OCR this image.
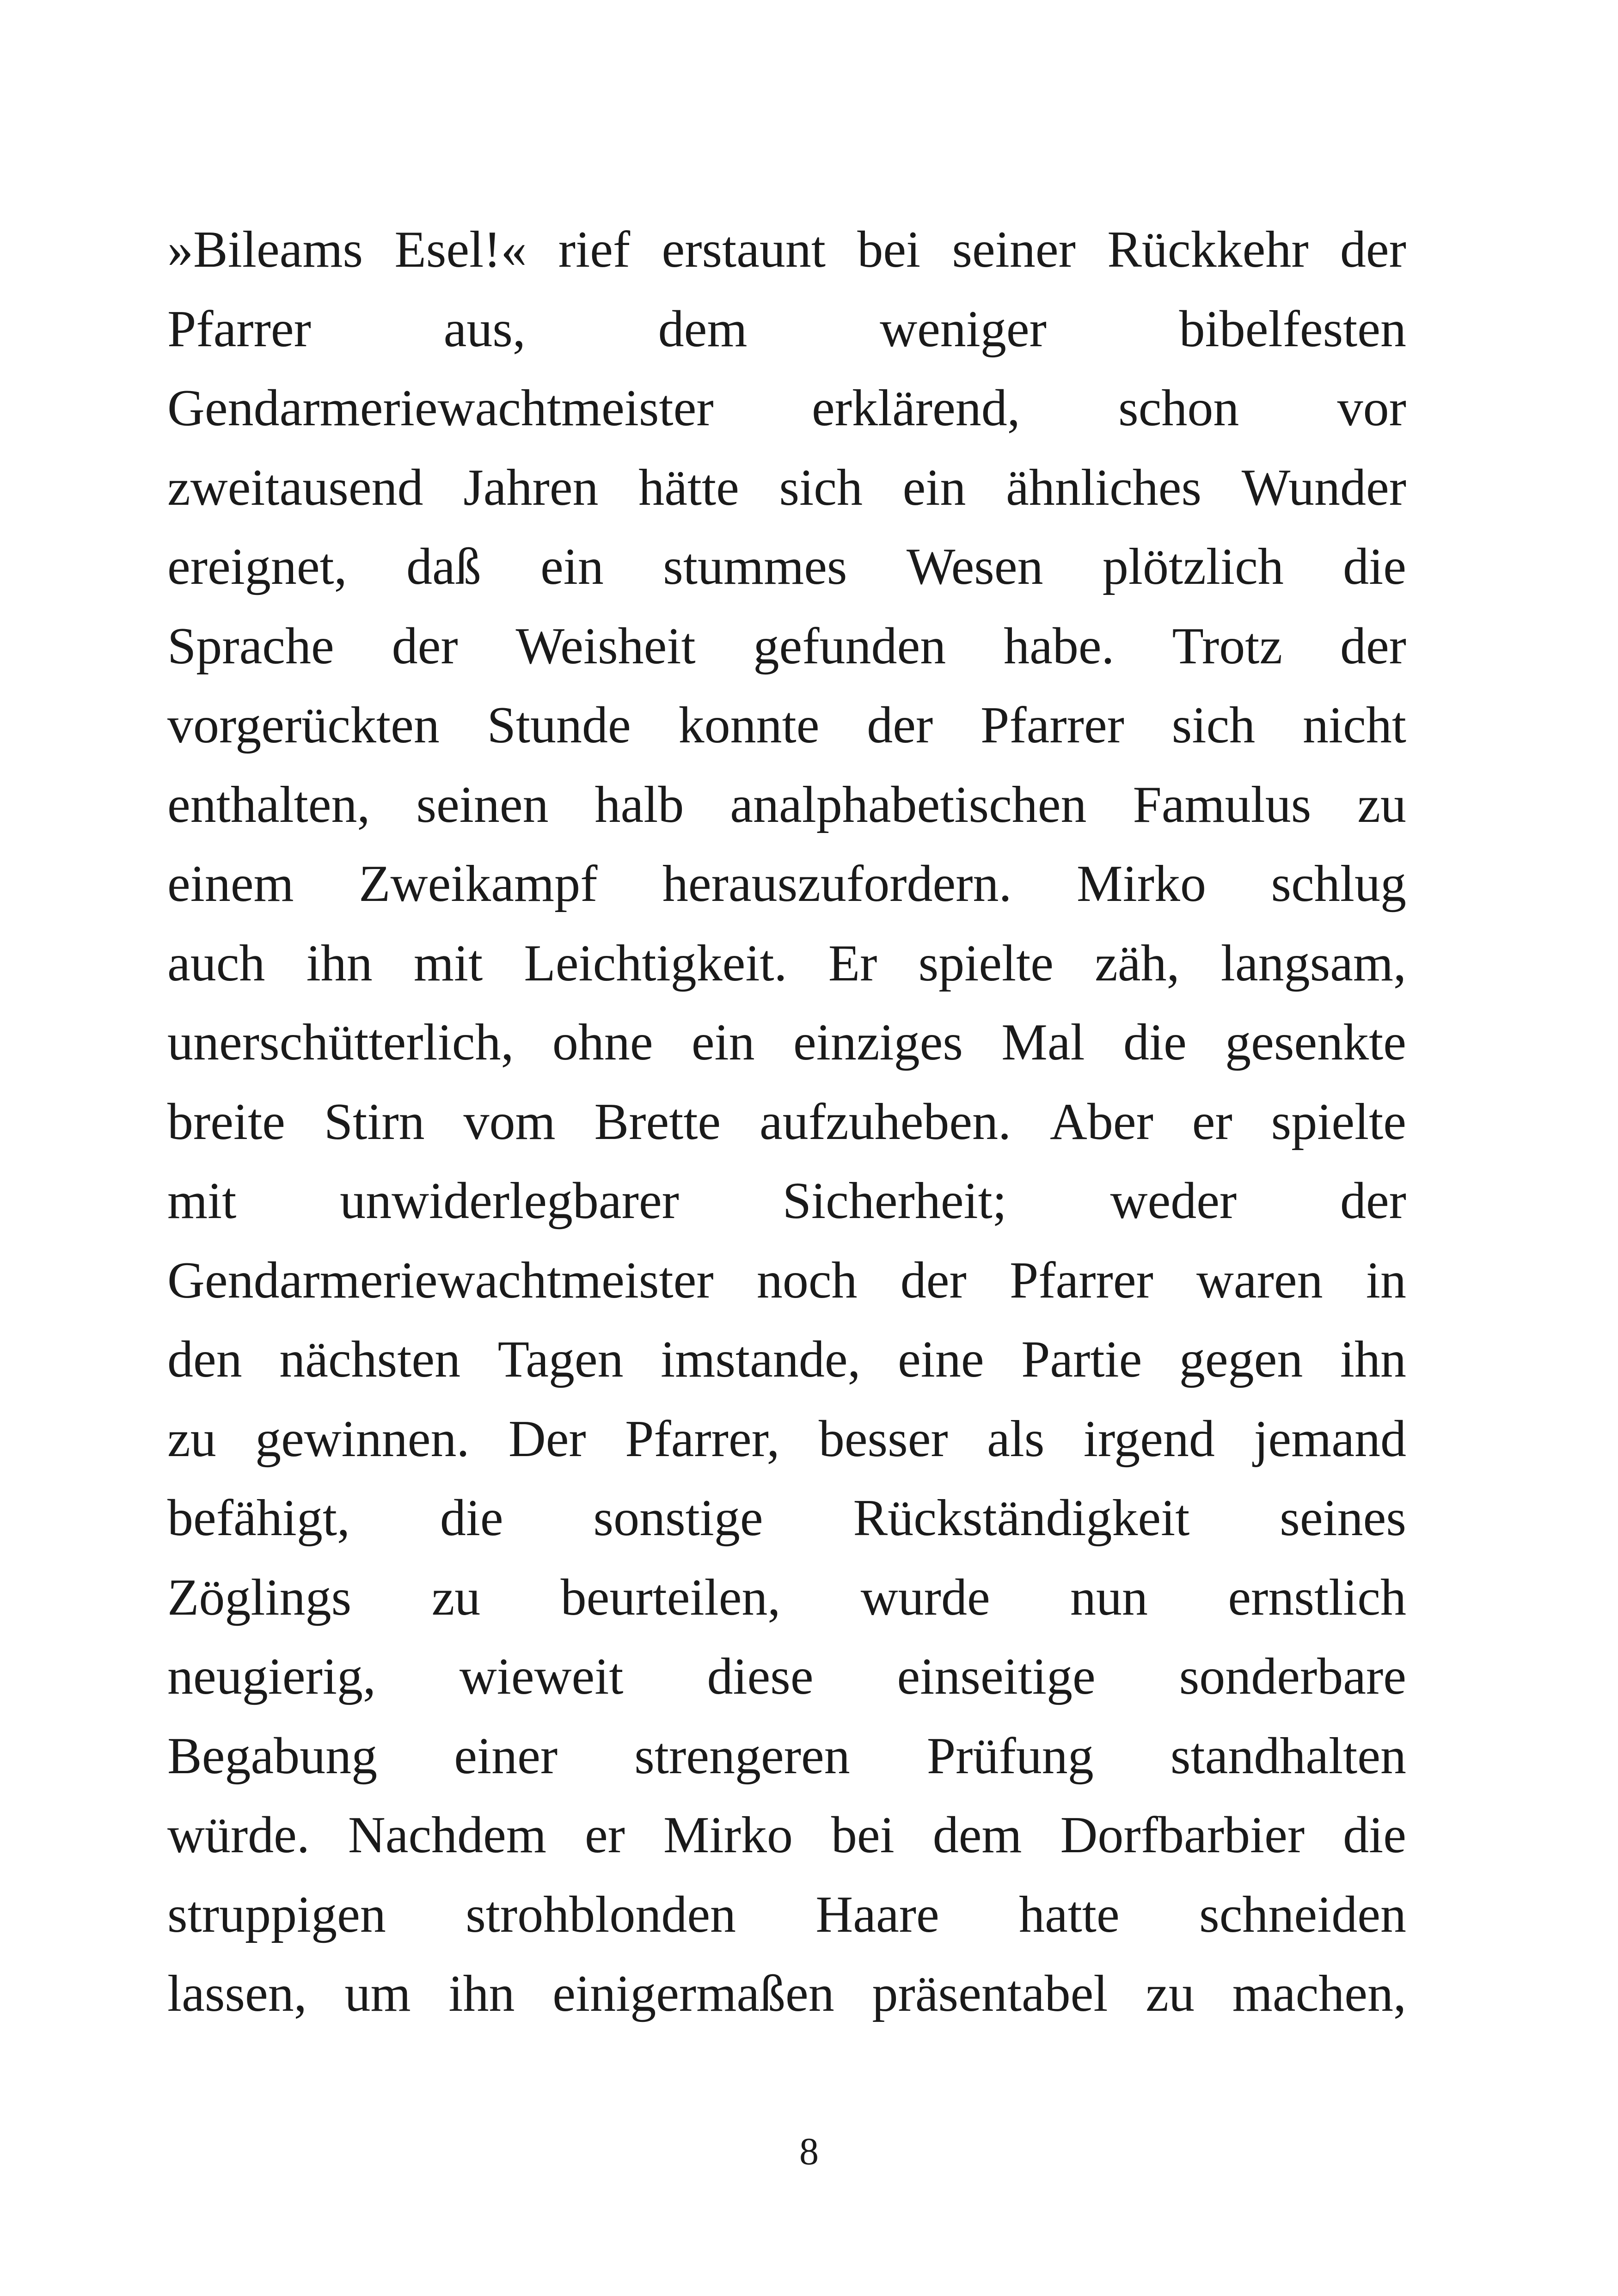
»Bileams Esel!« rief erstaunt bei seiner Rückkehr der
Pfarrer	aus,	dem	weniger	bibelfesten
Gendarmeriewachtmeister erklärend, schon vor
zweitausend Jahren hätte sich ein ähnliches Wunder
ereignet, daß ein stummes Wesen plötzlich die
Sprache der Weisheit gefunden habe. Trotz der
vorgerückten Stunde konnte der Pfarrer sich nicht
enthalten, seinen halb analphabetischen Famulus zu
einem Zweikampf herauszufordern. Mirko schlug
auch ihn mit Leichtigkeit. Er spielte zäh, langsam,
unerschütterlich, ohne ein einziges Mal die gesenkte
breite Stirn vom Brette aufzuheben. Aber er spielte
mit unwiderlegbarer Sicherheit; weder der
Gendarmeriewachtmeister noch der Pfarrer waren in
den nächsten Tagen imstande, eine Partie gegen ihn
zu gewinnen. Der Pfarrer, besser als irgend jemand
befähigt, die sonstige Rückständigkeit seines
Zöglings zu beurteilen, wurde nun ernstlich
neugierig, wieweit diese einseitige sonderbare
Begabung einer strengeren Prüfung standhalten
würde. Nachdem er Mirko bei dem Dorfbarbier die
struppigen strohblonden Haare hatte schneiden
lassen, um ihn einigermaßen präsentabel zu machen,
8
